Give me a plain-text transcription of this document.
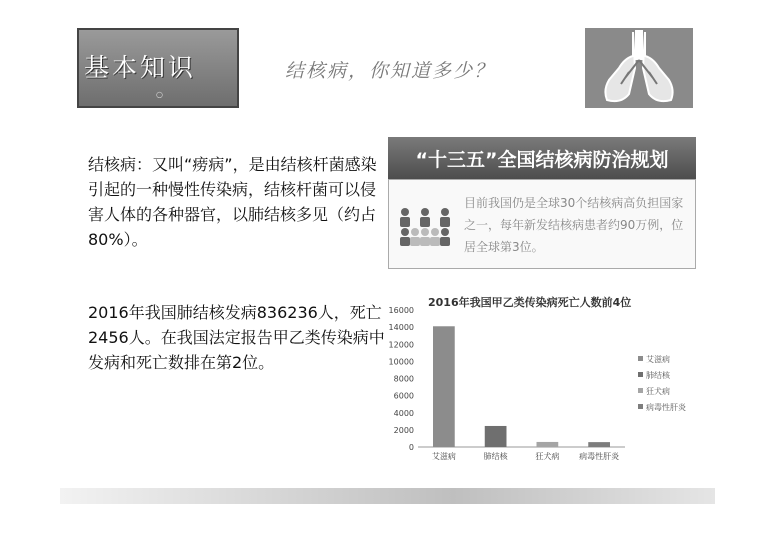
基本知识
○
结核病，你知道多少？
结核病：又叫“痨病”，是由结核杆菌感染引起的一种慢性传染病，结核杆菌可以侵害人体的各种器官，以肺结核多见（约占80%）。
“十三五”全国结核病防治规划
目前我国仍是全球30个结核病高负担国家之一，每年新发结核病患者约90万例，位居全球第3位。
2016年我国肺结核发病836236人，死亡2456人。在我国法定报告甲乙类传染病中发病和死亡数排在第2位。
2016年我国甲乙类传染病死亡人数前4位
0
2000
4000
6000
8000
10000
12000
14000
16000
艾滋病	肺结核	狂犬病 病毒性肝炎
艾滋病
肺结核
狂犬病
病毒性肝炎
